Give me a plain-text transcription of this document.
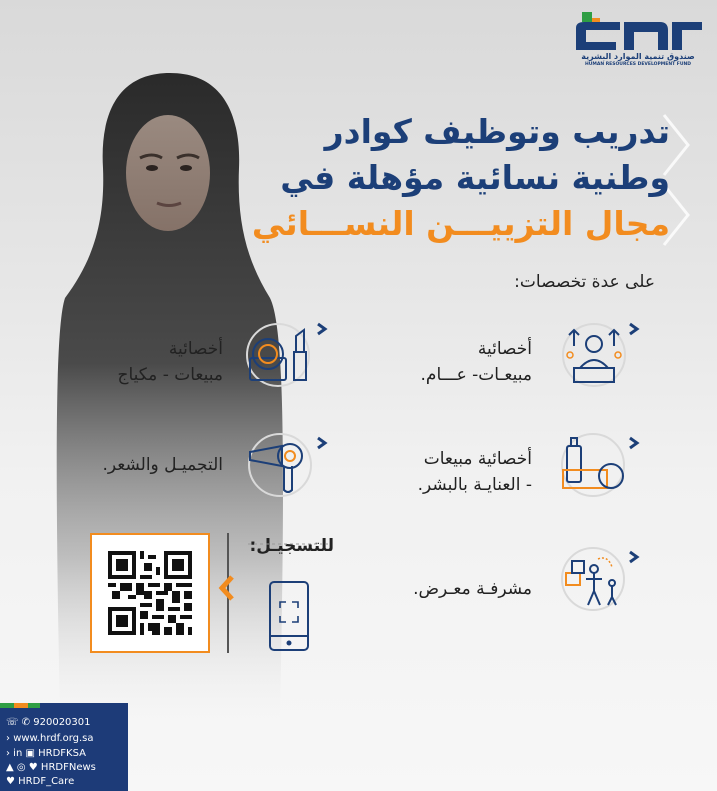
صندوق تنمية الموارد البشرية
HUMAN RESOURCES DEVELOPMENT FUND
تدريب وتوظيف كوادر
وطنية نسائية مؤهلة في
مجال التزييـــن النســـائي
على عدة تخصصات:
أخصائية
مبيعـات- عـــام.
أخصائية
مبيعات - مكياج
أخصائية مبيعات
- العنايـة بالبشر.
التجميـل والشعر.
مشرفـة معـرض.
للتسجيـل:
☏ ✆ 920020301
› www.hrdf.org.sa
› in ▣ HRDFKSA
▲ ◎ ♥ HRDFNews
♥ HRDF_Care
